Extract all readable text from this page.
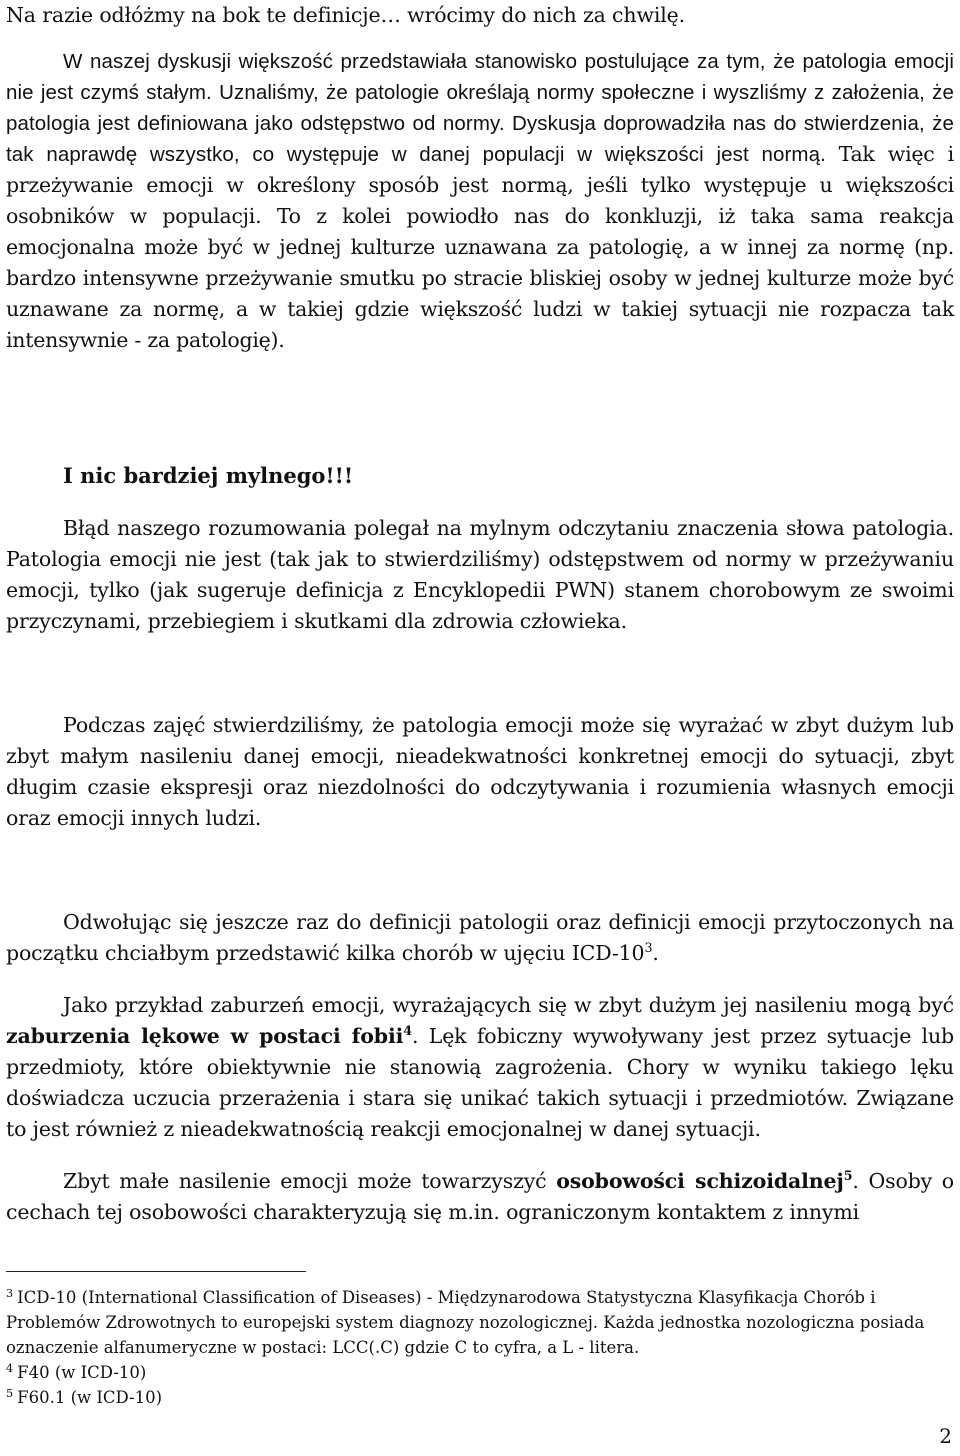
Na razie odłóżmy na bok te definicje… wrócimy do nich za chwilę.

W naszej dyskusji większość przedstawiała stanowisko postulujące za tym, że patologia emocji nie jest czymś stałym. Uznaliśmy, że patologie określają normy społeczne i wyszliśmy z założenia, że patologia jest definiowana jako odstępstwo od normy. Dyskusja doprowadziła nas do stwierdzenia, że tak naprawdę wszystko, co występuje w danej populacji w większości jest normą. Tak więc i przeżywanie emocji w określony sposób jest normą, jeśli tylko występuje u większości osobników w populacji. To z kolei powiodło nas do konkluzji, iż taka sama reakcja emocjonalna może być w jednej kulturze uznawana za patologię, a w innej za normę (np. bardzo intensywne przeżywanie smutku po stracie bliskiej osoby w jednej kulturze może być uznawane za normę, a w takiej gdzie większość ludzi w takiej sytuacji nie rozpacza tak intensywnie - za patologię).

I nic bardziej mylnego!!!

Błąd naszego rozumowania polegał na mylnym odczytaniu znaczenia słowa patologia. Patologia emocji nie jest (tak jak to stwierdziliśmy) odstępstwem od normy w przeżywaniu emocji, tylko (jak sugeruje definicja z Encyklopedii PWN) stanem chorobowym ze swoimi przyczynami, przebiegiem i skutkami dla zdrowia człowieka.

Podczas zajęć stwierdziliśmy, że patologia emocji może się wyrażać w zbyt dużym lub zbyt małym nasileniu danej emocji, nieadekwatności konkretnej emocji do sytuacji, zbyt długim czasie ekspresji oraz niezdolności do odczytywania i rozumienia własnych emocji oraz emocji innych ludzi.

Odwołując się jeszcze raz do definicji patologii oraz definicji emocji przytoczonych na początku chciałbym przedstawić kilka chorób w ujęciu ICD-$10^3$.

Jako przykład zaburzeń emocji, wyrażających się w zbyt dużym jej nasileniu mogą być zaburzenia lękowe w postaci fobii$^4$. Lęk fobiczny wywoływany jest przez sytuacje lub przedmioty, które obiektywnie nie stanowią zagrożenia. Chory w wyniku takiego lęku doświadcza uczucia przerażenia i stara się unikać takich sytuacji i przedmiotów. Związane to jest również z nieadekwatnością reakcji emocjonalnej w danej sytuacji.

Zbyt małe nasilenie emocji może towarzyszyć osobowości schizoidalnej$^5$. Osoby o cechach tej osobowości charakteryzują się m.in. ograniczonym kontaktem z innymi

$^3$ ICD-10 (International Classification of Diseases) - Międzynarodowa Statystyczna Klasyfikacja Chorób i Problemów Zdrowotnych to europejski system diagnozy nozologicznej. Każda jednostka nozologiczna posiada oznaczenie alfanumeryczne w postaci: LCC(.C) gdzie C to cyfra, a L - litera.

$^4$ F40 (w ICD-10)

$^5$ F60.1 (w ICD-10)

2
